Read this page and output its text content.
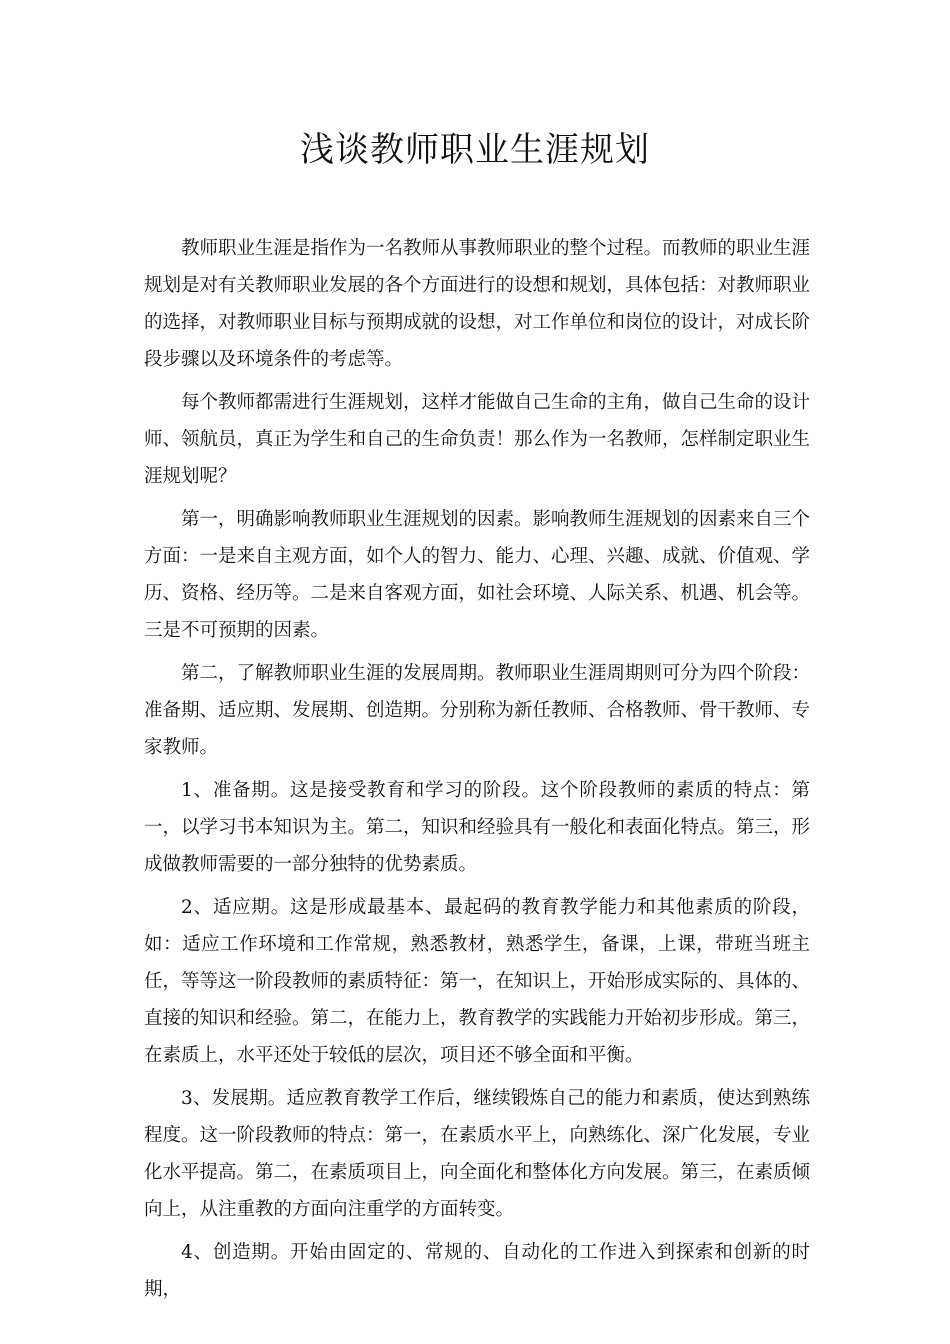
浅谈教师职业生涯规划

教师职业生涯是指作为一名教师从事教师职业的整个过程。而教师的职业生涯规划是对有关教师职业发展的各个方面进行的设想和规划，具体包括：对教师职业的选择，对教师职业目标与预期成就的设想，对工作单位和岗位的设计，对成长阶段步骤以及环境条件的考虑等。

每个教师都需进行生涯规划，这样才能做自己生命的主角，做自己生命的设计师、领航员，真正为学生和自己的生命负责！那么作为一名教师，怎样制定职业生涯规划呢？

第一，明确影响教师职业生涯规划的因素。影响教师生涯规划的因素来自三个方面：一是来自主观方面，如个人的智力、能力、心理、兴趣、成就、价值观、学历、资格、经历等。二是来自客观方面，如社会环境、人际关系、机遇、机会等。三是不可预期的因素。

第二，了解教师职业生涯的发展周期。教师职业生涯周期则可分为四个阶段：准备期、适应期、发展期、创造期。分别称为新任教师、合格教师、骨干教师、专家教师。

1、准备期。这是接受教育和学习的阶段。这个阶段教师的素质的特点：第一，以学习书本知识为主。第二，知识和经验具有一般化和表面化特点。第三，形成做教师需要的一部分独特的优势素质。

2、适应期。这是形成最基本、最起码的教育教学能力和其他素质的阶段，如：适应工作环境和工作常规，熟悉教材，熟悉学生，备课，上课，带班当班主任，等等这一阶段教师的素质特征：第一，在知识上，开始形成实际的、具体的、直接的知识和经验。第二，在能力上，教育教学的实践能力开始初步形成。第三，在素质上，水平还处于较低的层次，项目还不够全面和平衡。

3、发展期。适应教育教学工作后，继续锻炼自己的能力和素质，使达到熟练程度。这一阶段教师的特点：第一，在素质水平上，向熟练化、深广化发展，专业化水平提高。第二，在素质项目上，向全面化和整体化方向发展。第三，在素质倾向上，从注重教的方面向注重学的方面转变。

4、创造期。开始由固定的、常规的、自动化的工作进入到探索和创新的时期，
